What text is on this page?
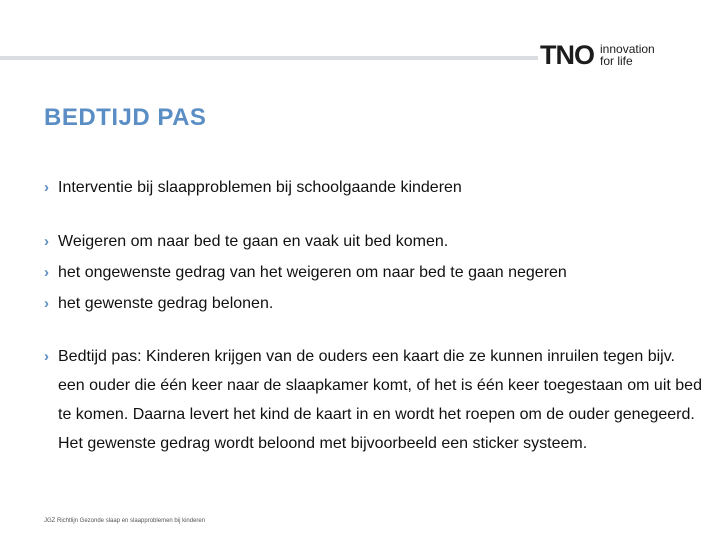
TNO innovation
for life
BEDTIJD PAS
› Interventie bij slaapproblemen bij schoolgaande kinderen
› Weigeren om naar bed te gaan en vaak uit bed komen.
› het ongewenste gedrag van het weigeren om naar bed te gaan negeren
› het gewenste gedrag belonen.
› Bedtijd pas: Kinderen krijgen van de ouders een kaart die ze kunnen inruilen tegen bijv. een ouder die één keer naar de slaapkamer komt, of het is één keer toegestaan om uit bed te komen. Daarna levert het kind de kaart in en wordt het roepen om de ouder genegeerd. Het gewenste gedrag wordt beloond met bijvoorbeeld een sticker systeem.
JGZ Richtlijn Gezonde slaap en slaapproblemen bij kinderen
